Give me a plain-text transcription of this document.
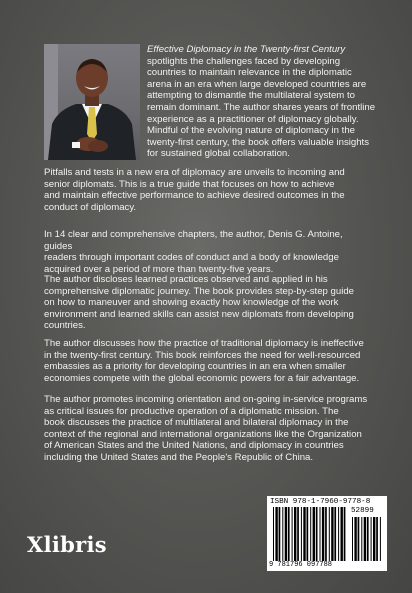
Effective Diplomacy in the Twenty-first Century
spotlights the challenges faced by developing
countries to maintain relevance in the diplomatic
arena in an era when large developed countries are
attempting to dismantle the multilateral system to
remain dominant. The author shares years of frontline
experience as a practitioner of diplomacy globally.
Mindful of the evolving nature of diplomacy in the
twenty-first century, the book offers valuable insights
for sustained global collaboration.

Pitfalls and tests in a new era of diplomacy are unveils to incoming and
senior diplomats. This is a true guide that focuses on how to achieve
and maintain effective performance to achieve desired outcomes in the
conduct of diplomacy.

In 14 clear and comprehensive chapters, the author, Denis G. Antoine, guides
readers through important codes of conduct and a body of knowledge
acquired over a period of more than twenty-five years.

The author discloses learned practices observed and applied in his
comprehensive diplomatic journey. The book provides step-by-step guide
on how to maneuver and showing exactly how knowledge of the work
environment and learned skills can assist new diplomats from developing
countries.

The author discusses how the practice of traditional diplomacy is ineffective
in the twenty-first century. This book reinforces the need for well-resourced
embassies as a priority for developing countries in an era when smaller
economies compete with the global economic powers for a fair advantage.

The author promotes incoming orientation and on-going in-service programs
as critical issues for productive operation of a diplomatic mission. The
book discusses the practice of multilateral and bilateral diplomacy in the
context of the regional and international organizations like the Organization
of American States and the United Nations, and diplomacy in countries
including the United States and the People's Republic of China.

Xlibris

ISBN 978-1-7960-9778-8

52899

9 781796 097788
